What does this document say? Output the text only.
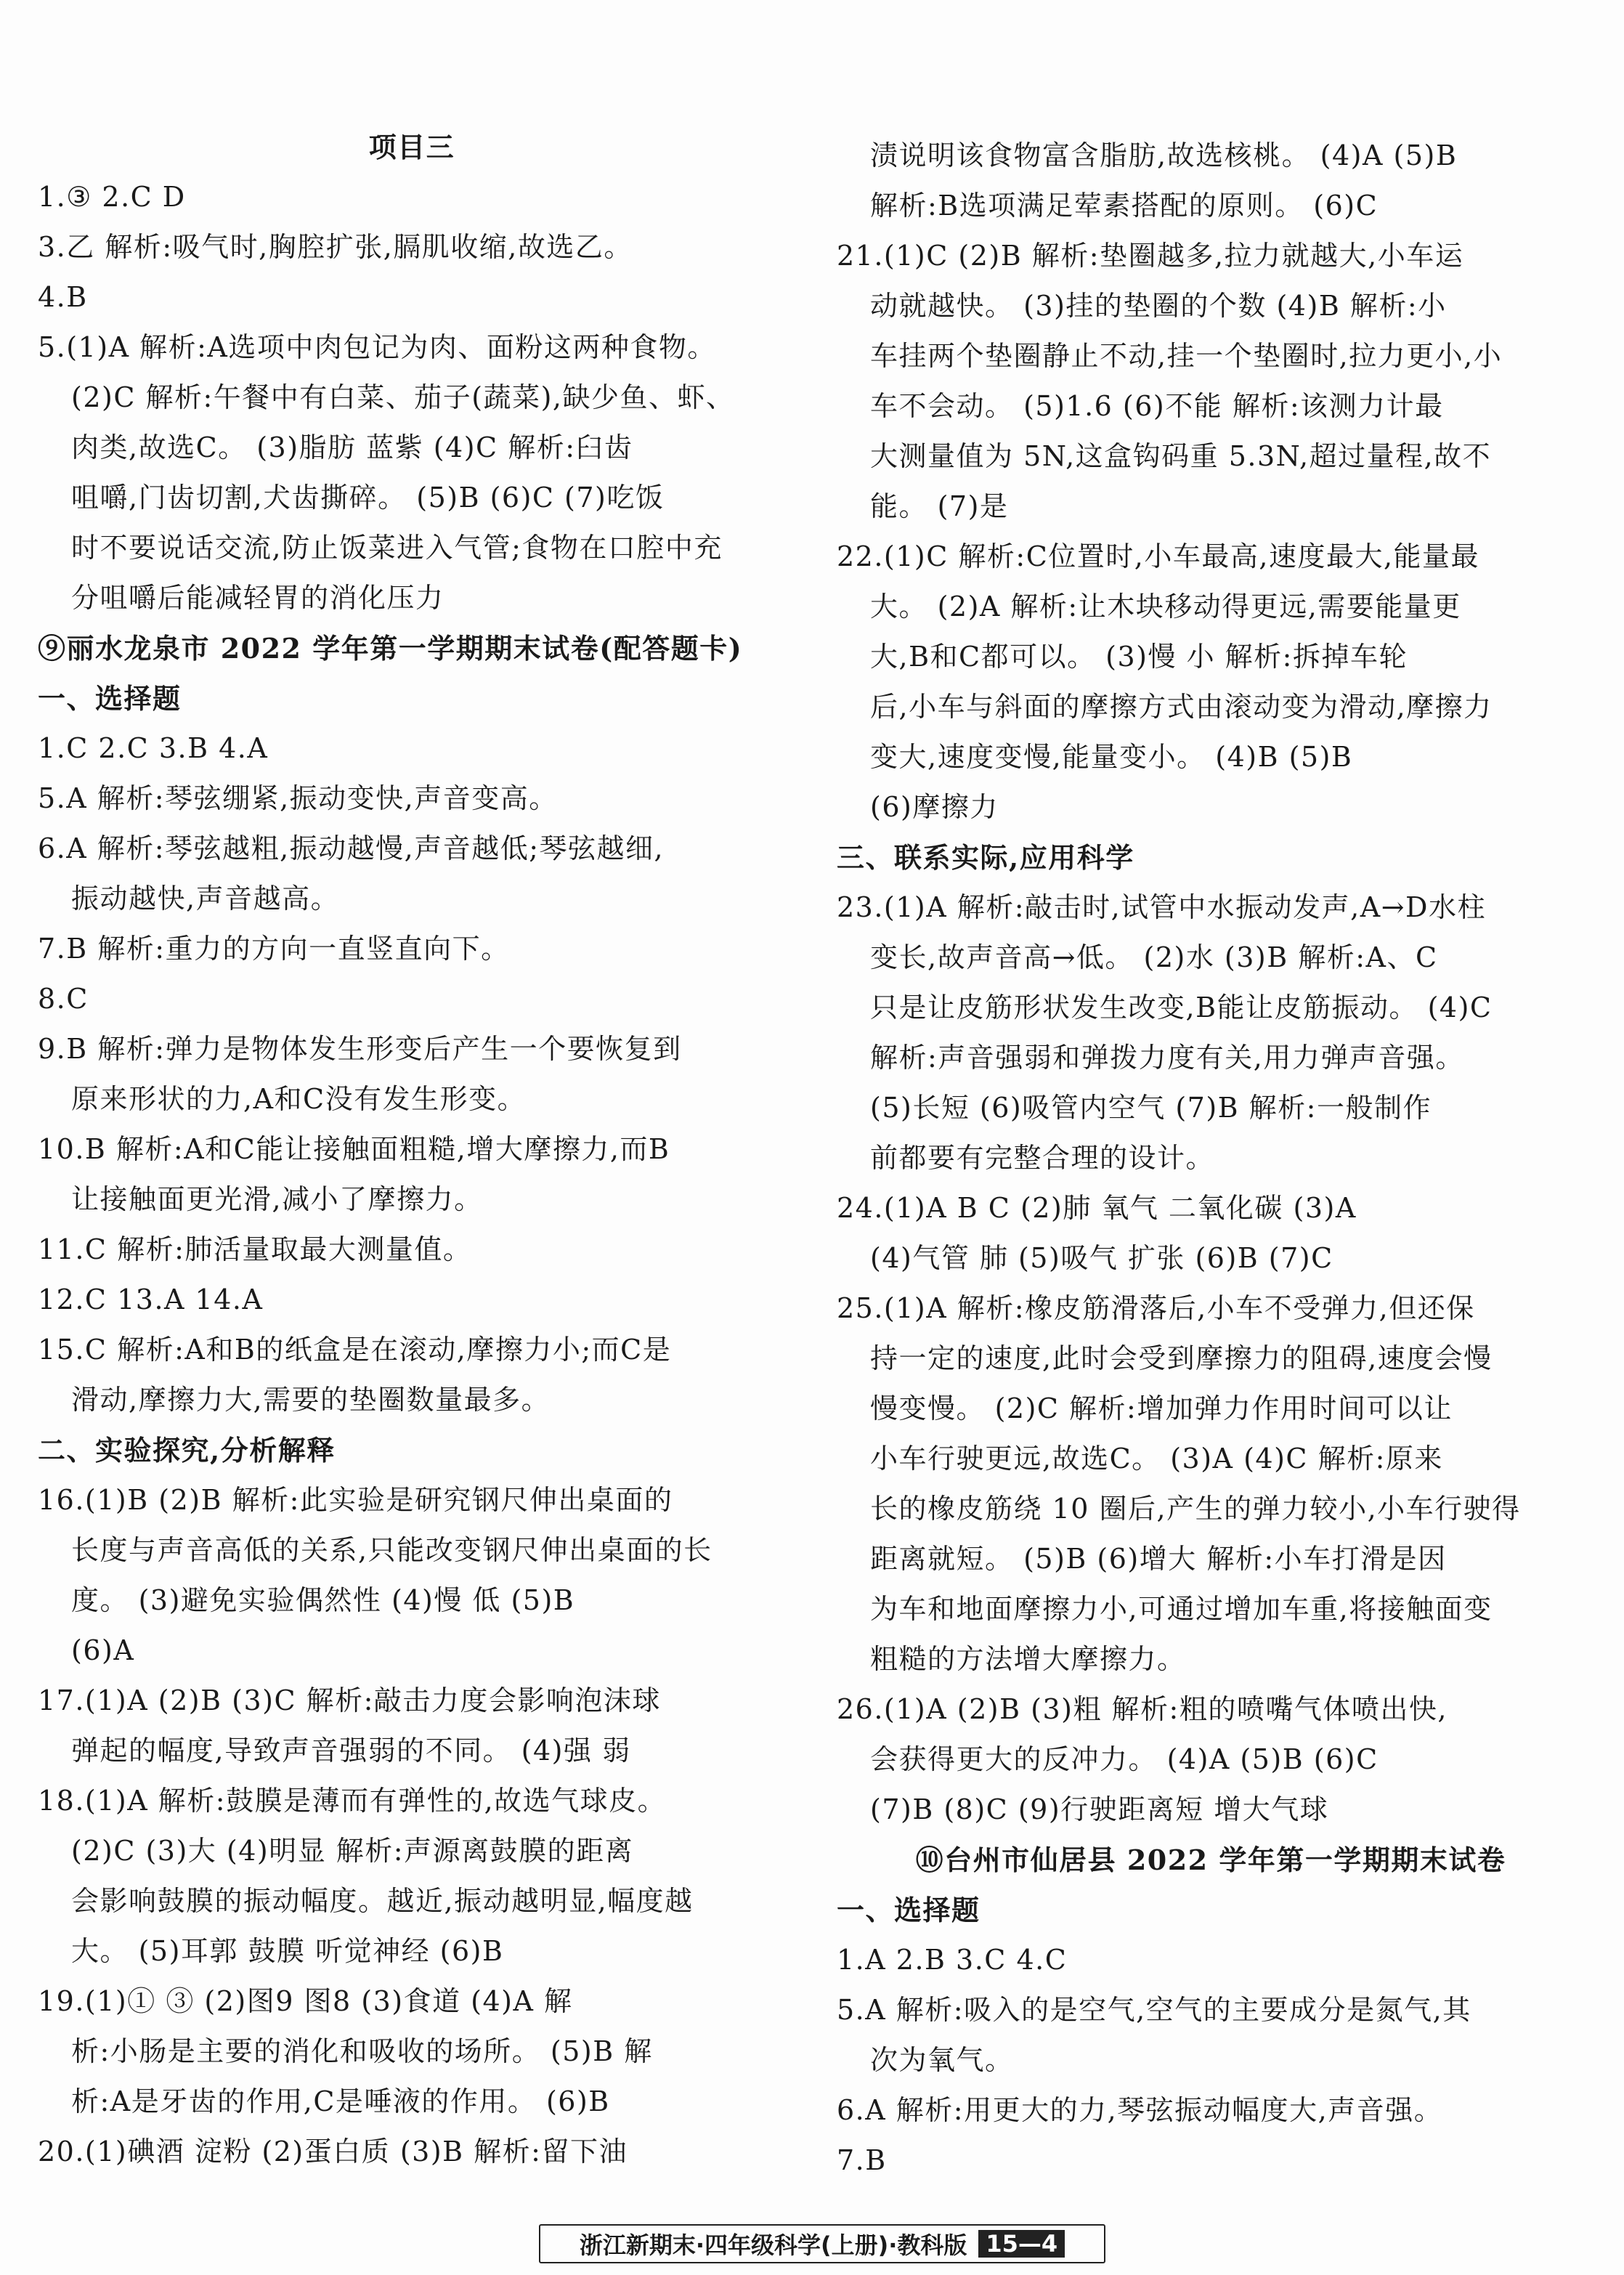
项目三
1.③ 2.C D
3.乙 解析:吸气时,胸腔扩张,膈肌收缩,故选乙。
4.B
5.(1)A 解析:A选项中肉包记为肉、面粉这两种食物。
(2)C 解析:午餐中有白菜、茄子(蔬菜),缺少鱼、虾、
肉类,故选C。 (3)脂肪 蓝紫 (4)C 解析:臼齿
咀嚼,门齿切割,犬齿撕碎。 (5)B (6)C (7)吃饭
时不要说话交流,防止饭菜进入气管;食物在口腔中充
分咀嚼后能减轻胃的消化压力
⑨丽水龙泉市 2022 学年第一学期期末试卷(配答题卡)
一、选择题
1.C 2.C 3.B 4.A
5.A 解析:琴弦绷紧,振动变快,声音变高。
6.A 解析:琴弦越粗,振动越慢,声音越低;琴弦越细,
振动越快,声音越高。
7.B 解析:重力的方向一直竖直向下。
8.C
9.B 解析:弹力是物体发生形变后产生一个要恢复到
原来形状的力,A和C没有发生形变。
10.B 解析:A和C能让接触面粗糙,增大摩擦力,而B
让接触面更光滑,减小了摩擦力。
11.C 解析:肺活量取最大测量值。
12.C 13.A 14.A
15.C 解析:A和B的纸盒是在滚动,摩擦力小;而C是
滑动,摩擦力大,需要的垫圈数量最多。
二、实验探究,分析解释
16.(1)B (2)B 解析:此实验是研究钢尺伸出桌面的
长度与声音高低的关系,只能改变钢尺伸出桌面的长
度。 (3)避免实验偶然性 (4)慢 低 (5)B
(6)A
17.(1)A (2)B (3)C 解析:敲击力度会影响泡沫球
弹起的幅度,导致声音强弱的不同。 (4)强 弱
18.(1)A 解析:鼓膜是薄而有弹性的,故选气球皮。
(2)C (3)大 (4)明显 解析:声源离鼓膜的距离
会影响鼓膜的振动幅度。越近,振动越明显,幅度越
大。 (5)耳郭 鼓膜 听觉神经 (6)B
19.(1)① ③ (2)图9 图8 (3)食道 (4)A 解
析:小肠是主要的消化和吸收的场所。 (5)B 解
析:A是牙齿的作用,C是唾液的作用。 (6)B
20.(1)碘酒 淀粉 (2)蛋白质 (3)B 解析:留下油
渍说明该食物富含脂肪,故选核桃。 (4)A (5)B
解析:B选项满足荤素搭配的原则。 (6)C
21.(1)C (2)B 解析:垫圈越多,拉力就越大,小车运
动就越快。 (3)挂的垫圈的个数 (4)B 解析:小
车挂两个垫圈静止不动,挂一个垫圈时,拉力更小,小
车不会动。 (5)1.6 (6)不能 解析:该测力计最
大测量值为 5N,这盒钩码重 5.3N,超过量程,故不
能。 (7)是
22.(1)C 解析:C位置时,小车最高,速度最大,能量最
大。 (2)A 解析:让木块移动得更远,需要能量更
大,B和C都可以。 (3)慢 小 解析:拆掉车轮
后,小车与斜面的摩擦方式由滚动变为滑动,摩擦力
变大,速度变慢,能量变小。 (4)B (5)B
(6)摩擦力
三、联系实际,应用科学
23.(1)A 解析:敲击时,试管中水振动发声,A→D水柱
变长,故声音高→低。 (2)水 (3)B 解析:A、C
只是让皮筋形状发生改变,B能让皮筋振动。 (4)C
解析:声音强弱和弹拨力度有关,用力弹声音强。
(5)长短 (6)吸管内空气 (7)B 解析:一般制作
前都要有完整合理的设计。
24.(1)A B C (2)肺 氧气 二氧化碳 (3)A
(4)气管 肺 (5)吸气 扩张 (6)B (7)C
25.(1)A 解析:橡皮筋滑落后,小车不受弹力,但还保
持一定的速度,此时会受到摩擦力的阻碍,速度会慢
慢变慢。 (2)C 解析:增加弹力作用时间可以让
小车行驶更远,故选C。 (3)A (4)C 解析:原来
长的橡皮筋绕 10 圈后,产生的弹力较小,小车行驶得
距离就短。 (5)B (6)增大 解析:小车打滑是因
为车和地面摩擦力小,可通过增加车重,将接触面变
粗糙的方法增大摩擦力。
26.(1)A (2)B (3)粗 解析:粗的喷嘴气体喷出快,
会获得更大的反冲力。 (4)A (5)B (6)C
(7)B (8)C (9)行驶距离短 增大气球
⑩台州市仙居县 2022 学年第一学期期末试卷
一、选择题
1.A 2.B 3.C 4.C
5.A 解析:吸入的是空气,空气的主要成分是氮气,其
次为氧气。
6.A 解析:用更大的力,琴弦振动幅度大,声音强。
7.B
浙江新期末·四年级科学(上册)·教科版 15—4
